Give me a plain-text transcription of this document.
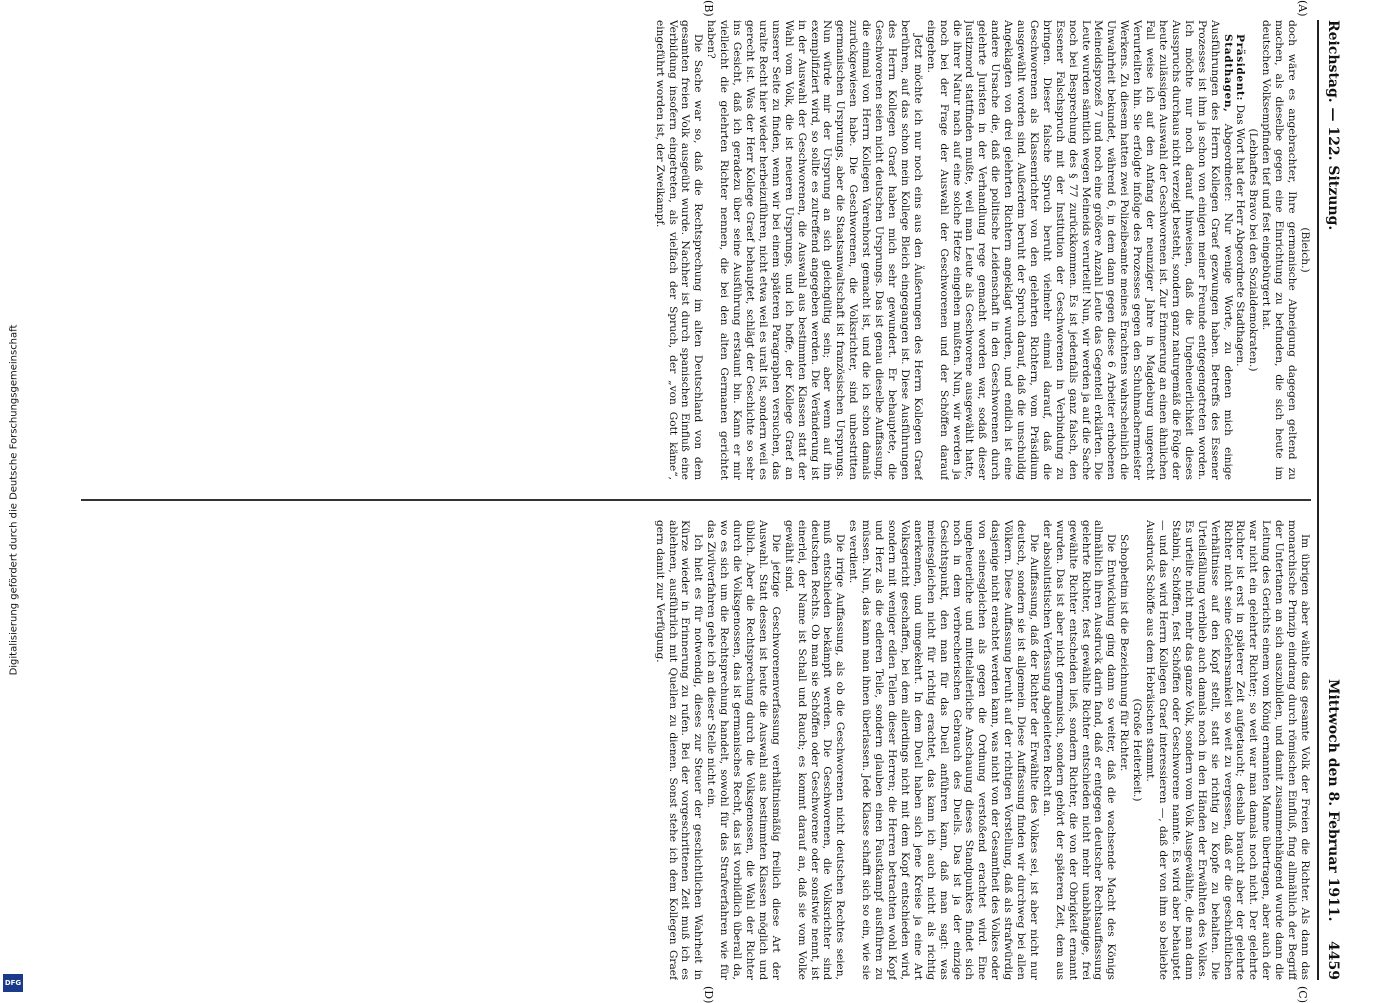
Digitalisierung gefördert durch die Deutsche Forschungsgemeinschaft
DFG
Reichstag. — 122. Sitzung.
Mittwoch den 8. Februar 1911.    4459
(A)
(B)
(C)
(D)

(Bleich.)

doch wäre es angebrachter, Ihre germanische Abneigung dagegen geltend zu machen, als dieselbe gegen eine Einrichtung zu befunden, die sich heute im deutschen Volksempfinden tief und fest eingebürgert hat.

(Lebhaftes Bravo bei den Sozialdemokraten.)

Präsident: Das Wort hat der Herr Abgeordnete Stadthagen.

Stadthagen, Abgeordneter: Nur wenige Worte, zu denen mich einige Ausführungen des Herrn Kollegen Graef gezwungen haben. Betreffs des Essener Prozesses ist ihm ja schon von einigen meiner Freunde entgegengetreten worden. Ich möchte nur noch darauf hinweisen, daß die Ungeheuerlichkeit dieses Ausspruchs durchaus nicht verzeigt besteht, sondern ganz naturgemäß die Folge der heute zulässigen Auswahl der Geschworenen ist. Zur Erinnerung an einen ähnlichen Fall weise ich auf den Anfang der neunziger Jahre in Magdeburg ungerecht Verurteilten hin. Sie erfolgte infolge des Prozesses gegen den Schuhmachermeister Werkens. Zu diesem hatten zwei Polizeibeamte meines Erachtens wahrscheinlich die Unwahrheit bekundet, während 6, in dem dann gegen diese 6 Arbeiter erhobenen Meineidsprozeß 7 und noch eine größere Anzahl Leute das Gegenteil erklärten. Die Leute wurden sämtlich wegen Meineids verurteilt! Nun, wir werden ja auf die Sache noch bei Besprechung des § 77 zurückkommen. Es ist jedenfalls ganz falsch, den Essener Falschspruch mit der Institution der Geschworenen in Verbindung zu bringen. Dieser falsche Spruch beruht vielmehr einmal darauf, daß die Geschworenen als Klassenrichter von den gelehrten Richtern, vom Präsidium ausgewählt worden sind. Außerdem beruht der Spruch darauf, daß die unschuldig Angeklagten von drei gelehrten Richtern angeklagt wurden, und endlich ist eine andere Ursache die, daß die politische Leidenschaft in den Geschworenen durch gelehrte Juristen in der Verhandlung rege gemacht worden war, sodaß dieser Justizmord stattfinden mußte, weil man Leute als Geschworene ausgewählt hatte, die ihrer Natur nach auf eine solche Hetze eingehen mußten. Nun, wir werden ja noch bei der Frage der Auswahl der Geschworenen und der Schöffen darauf eingehen.

Jetzt möchte ich nur noch eins aus den Äußerungen des Herrn Kollegen Graef berühren, auf das schon mein Kollege Bleich eingegangen ist. Diese Ausführungen des Herrn Kollegen Graef haben mich sehr gewundert. Er behauptete, die Geschworenen seien nicht deutschen Ursprungs. Das ist genau dieselbe Auffassung, die einmal von Herrn Kollegen Varenhorst gemacht ist, und die ich schon damals zurückgewiesen habe. Die Geschworenen, die Volksrichter, sind unbestritten germanischen Ursprungs, aber die Staatsanwaltschaft ist französischen Ursprungs. Nun würde mir der Ursprung an sich gleichgültig sein; aber wenn auf ihn exemplifiziert wird, so sollte es zutreffend angegeben werden. Die Veränderung ist in der Auswahl der Geschworenen, die Auswahl aus bestimmten Klassen statt der Wahl vom Volk, die ist neueren Ursprungs, und ich hoffe, der Kollege Graef an unserer Seite zu finden, wenn wir bei einem späteren Paragraphen versuchen, das uralte Recht hier wieder herbeizuführen, nicht etwa weil es uralt ist, sondern weil es gerecht ist. Was der Herr Kollege Graef behauptet, schlägt der Geschichte so sehr ins Gesicht, daß ich geradezu über seine Ausführung erstaunt bin. Kann er mir vielleicht die gelehrten Richter nennen, die bei den alten Germanen gerichtet haben?

Die Sache war so, daß die Rechtsprechung im alten Deutschland von dem gesamten freien Volk ausgeübt wurde. Nachher ist durch spanischen Einfluß eine Verbildung insofern eingetreten, als vielfach der Spruch, der „von Gott käme“, eingeführt worden ist, der Zweikampf.

Im übrigen aber wählte das gesamte Volk der Freien die Richter. Als dann das monarchische Prinzip eindrang durch römischen Einfluß, fing allmählich der Begriff der Untertanen an sich auszubilden, und damit zusammenhängend wurde dann die Leitung des Gerichts einem vom König ernannten Manne übertragen, aber auch der war nicht ein gelehrter Richter; so weit war man damals noch nicht. Der gelehrte Richter ist erst in späterer Zeit aufgetaucht; deshalb braucht aber der gelehrte Richter nicht seine Gelehrsamkeit so weit zu vergessen, daß er die geschichtlichen Verhältnisse auf den Kopf stellt, statt sie richtig zu Kopfe zu behalten. Die Urteilsfällung verblieb auch damals noch in den Händen der Erwählten des Volkes. Es urteilte nicht mehr das ganze Volk, sondern vom Volk Ausgewählte, die man dann Stabini, Schöffen, fest Schöffen oder Geschworene nannte. Es wird aber behauptet — und das wird Herrn Kollegen Graef interessieren —, daß der von ihm so beliebte Ausdruck Schöffe aus dem Hebräischen stammt.

(Große Heiterkeit.)

Schophetim ist die Bezeichnung für Richter.

Die Entwicklung ging dann so weiter, daß die wachsende Macht des Königs allmählich ihren Ausdruck darin fand, daß er entgegen deutscher Rechtsauffassung gelehrte Richter, fest gewählte Richter entschieden nicht mehr unabhängige, frei gewählte Richter entscheiden ließ, sondern Richter, die von der Obrigkeit ernannt wurden. Das ist aber nicht germanisch, sondern gehört der späteren Zeit, dem aus der absolutistischen Verfassung abgeleiteten Recht an.

Die Auffassung, daß der Richter der Erwählte des Volkes sei, ist aber nicht nur deutsch, sondern sie ist allgemein. Diese Auffassung finden wir durchweg bei allen Völkern. Diese Auffassung beruht auf der richtigen Vorstellung, daß als strafwürdig dasjenige nicht erachtet werden kann, was nicht von der Gesamtheit des Volkes oder von seinesgleichen als gegen die Ordnung verstoßend erachtet wird. Eine ungeheuerliche und mittelalterliche Anschauung dieses Standpunktes findet sich noch in dem verbrecherischen Gebrauch des Duells. Das ist ja der einzige Gesichtspunkt, den man für das Duell anführen kann, daß man sagt: was meinesgleichen nicht für richtig erachtet, das kann ich auch nicht als richtig anerkennen, und umgekehrt. In dem Duell haben sich jene Kreise ja eine Art Volksgericht geschaffen, bei dem allerdings nicht mit dem Kopf entschieden wird, sondern mit weniger edlen Teilen dieser Herren; die Herren betrachten wohl Kopf und Herz als die edleren Teile, sondern glauben einen Faustkampf ausführen zu müssen. Nun, das kann man ihnen überlassen. Jede Klasse schafft sich so ein, wie sie es verdient.

Die irrige Auffassung, als ob die Geschworenen nicht deutschen Rechtes seien, muß entschieden bekämpft werden. Die Geschworenen, die Volksrichter sind deutschen Rechts. Ob man sie Schöffen oder Geschworene oder sonstwie nennt, ist einerlei, der Name ist Schall und Rauch; es kommt darauf an, daß sie vom Volke gewählt sind.

Die jetzige Geschworenenverfassung verhältnismäßig freilich diese Art der Auswahl. Statt dessen ist heute die Auswahl aus bestimmten Klassen möglich und üblich. Aber die Rechtsprechung durch die Volksgenossen, die Wahl der Richter durch die Volksgenossen, das ist germanisches Recht, das ist vorbildlich überall da, wo es sich um die Rechtsprechung handelt, sowohl für das Strafverfahren wie für das Zivilverfahren gehe ich an dieser Stelle nicht ein.

Ich hielt es für notwendig, dieses zur Steuer der geschichtlichen Wahrheit in Kürze wieder in Erinnerung zu rufen. Bei der vorgeschrittenen Zeit muß ich es ablehnen, ausführlich mit Quellen zu dienen. Sonst stehe ich dem Kollegen Graef gern damit zur Verfügung.
